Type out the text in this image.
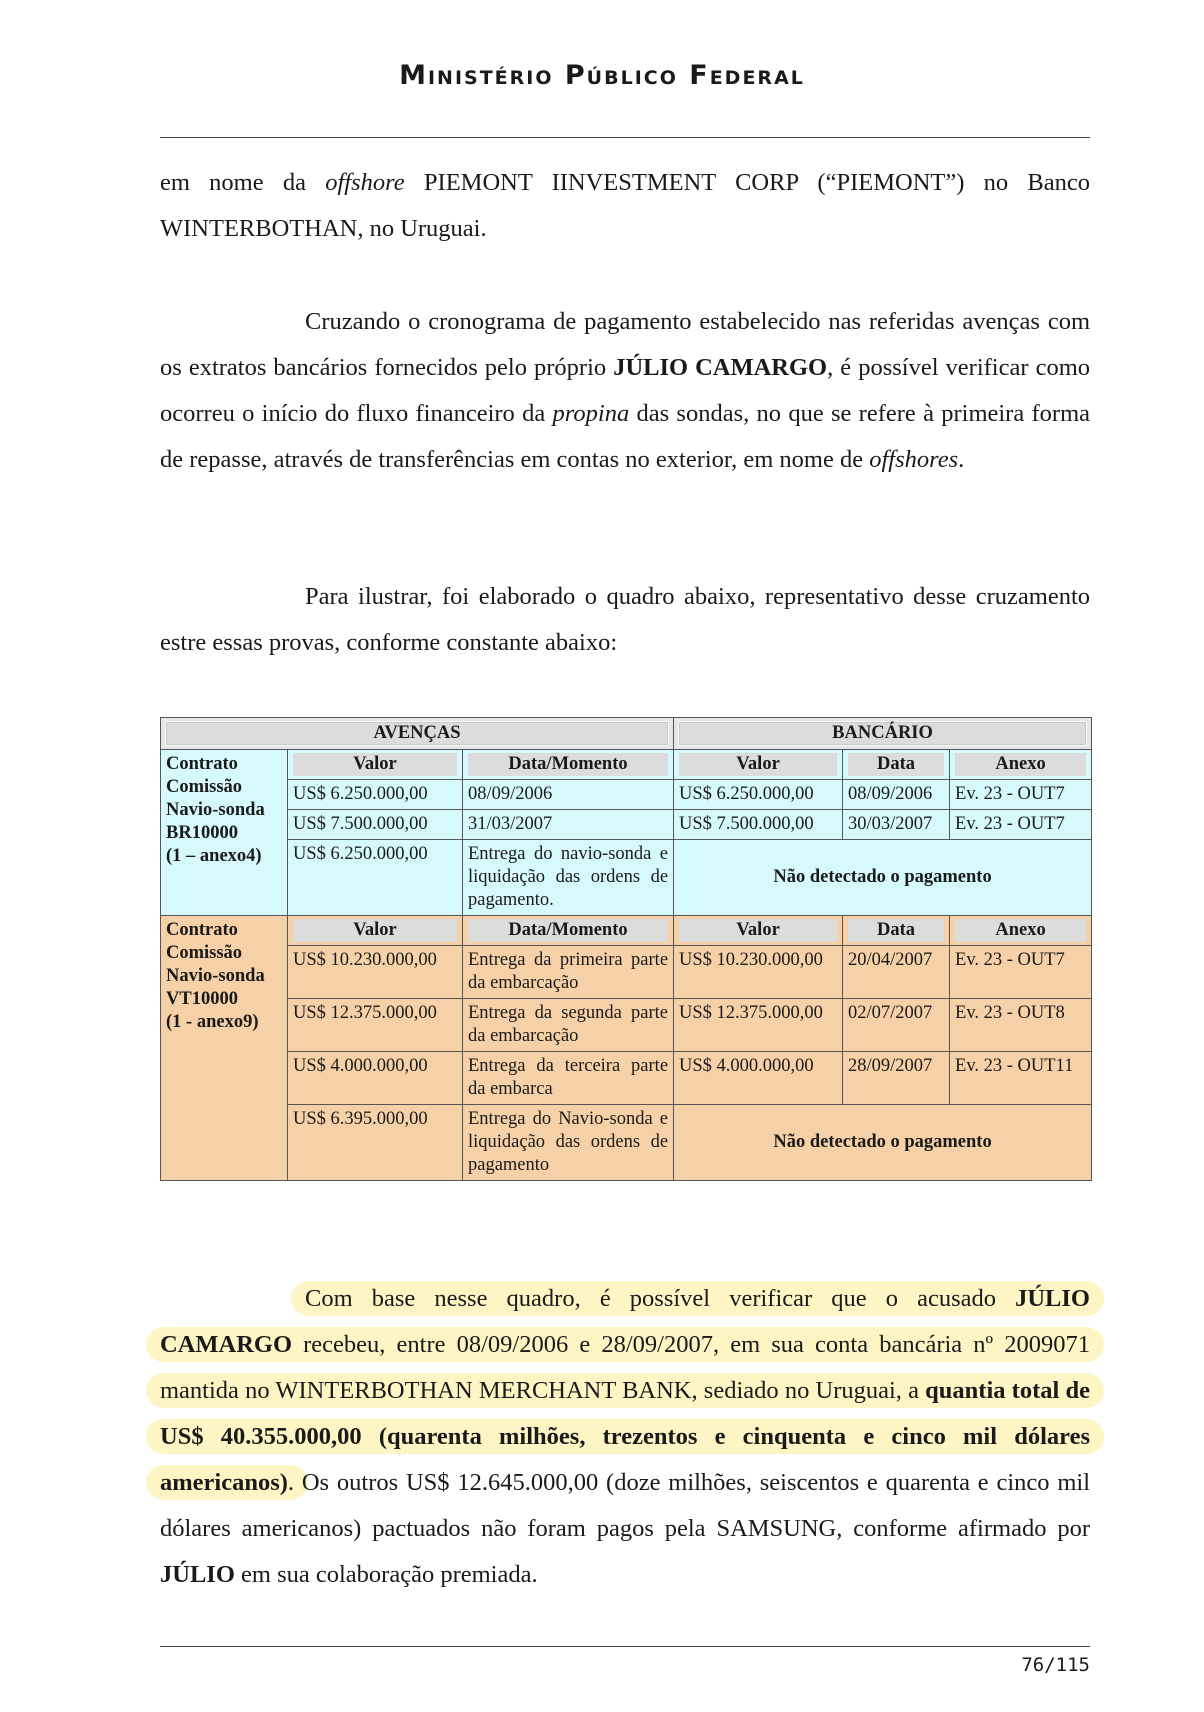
Ministério Público Federal
em nome da offshore PIEMONT IINVESTMENT CORP (“PIEMONT”) no Banco WINTERBOTHAN, no Uruguai.
Cruzando o cronograma de pagamento estabelecido nas referidas avenças com os extratos bancários fornecidos pelo próprio JÚLIO CAMARGO, é possível verificar como ocorreu o início do fluxo financeiro da propina das sondas, no que se refere à primeira forma de repasse, através de transferências em contas no exterior, em nome de offshores.
Para ilustrar, foi elaborado o quadro abaixo, representativo desse cruzamento estre essas provas, conforme constante abaixo:
AVENÇAS			BANCÁRIO		

Contrato
Comissão
Navio-sonda
BR10000
(1 – anexo4)	Valor	Data/Momento	Valor	Data	Anexo

	US$ 6.250.000,00	08/09/2006	US$ 6.250.000,00	08/09/2006	Ev. 23 - OUT7
	US$ 7.500.000,00	31/03/2007	US$ 7.500.000,00	30/03/2007	Ev. 23 - OUT7
	US$ 6.250.000,00	Entrega do navio-sonda e liquidação das ordens de pagamento.	Não detectado o pagamento		

Contrato
Comissão
Navio-sonda
VT10000
(1 - anexo9)	Valor	Data/Momento	Valor	Data	Anexo

	US$ 10.230.000,00	Entrega da primeira parte da embarcação	US$ 10.230.000,00	20/04/2007	Ev. 23 - OUT7
	US$ 12.375.000,00	Entrega da segunda parte da embarcação	US$ 12.375.000,00	02/07/2007	Ev. 23 - OUT8
	US$ 4.000.000,00	Entrega da terceira parte da embarca	US$ 4.000.000,00	28/09/2007	Ev. 23 - OUT11
	US$ 6.395.000,00	Entrega do Navio-sonda e liquidação das ordens de pagamento	Não detectado o pagamento		
Com base nesse quadro, é possível verificar que o acusado JÚLIO CAMARGO recebeu, entre 08/09/2006 e 28/09/2007, em sua conta bancária nº 2009071 mantida no WINTERBOTHAN MERCHANT BANK, sediado no Uruguai, a quantia total de US$ 40.355.000,00 (quarenta milhões, trezentos e cinquenta e cinco mil dólares americanos). Os outros US$ 12.645.000,00 (doze milhões, seiscentos e quarenta e cinco mil dólares americanos) pactuados não foram pagos pela SAMSUNG, conforme afirmado por JÚLIO em sua colaboração premiada.
76/115
